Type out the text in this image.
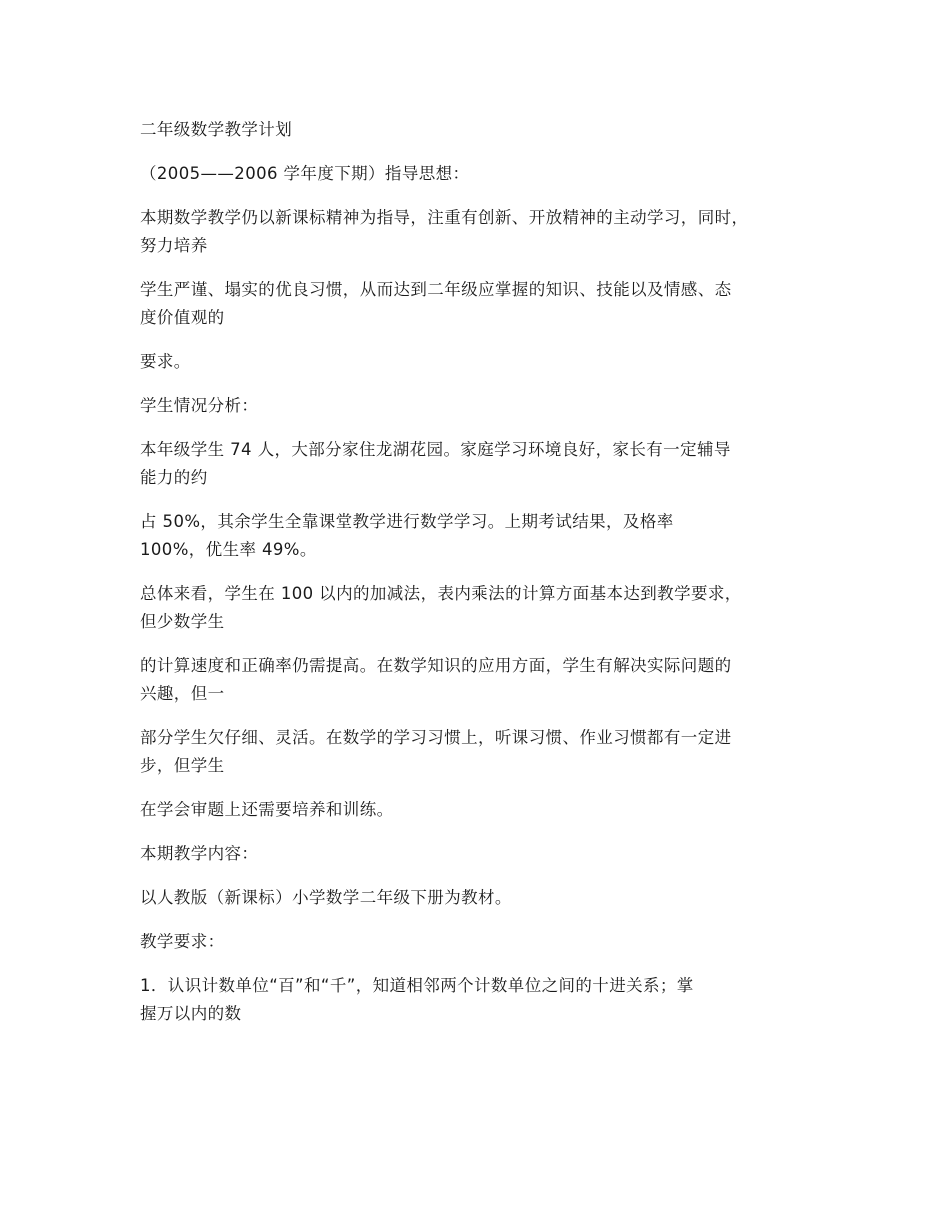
二年级数学教学计划

（2005——2006 学年度下期）指导思想：

本期数学教学仍以新课标精神为指导，注重有创新、开放精神的主动学习，同时，
努力培养

学生严谨、塌实的优良习惯，从而达到二年级应掌握的知识、技能以及情感、态
度价值观的

要求。

学生情况分析：

本年级学生 74 人，大部分家住龙湖花园。家庭学习环境良好，家长有一定辅导
能力的约

占 50%，其余学生全靠课堂教学进行数学学习。上期考试结果，及格率
100%，优生率 49%。

总体来看，学生在 100 以内的加减法，表内乘法的计算方面基本达到教学要求，
但少数学生

的计算速度和正确率仍需提高。在数学知识的应用方面，学生有解决实际问题的
兴趣，但一

部分学生欠仔细、灵活。在数学的学习习惯上，听课习惯、作业习惯都有一定进
步，但学生

在学会审题上还需要培养和训练。

本期教学内容：

以人教版（新课标）小学数学二年级下册为教材。

教学要求：

1．认识计数单位“百”和“千”，知道相邻两个计数单位之间的十进关系；掌
握万以内的数
